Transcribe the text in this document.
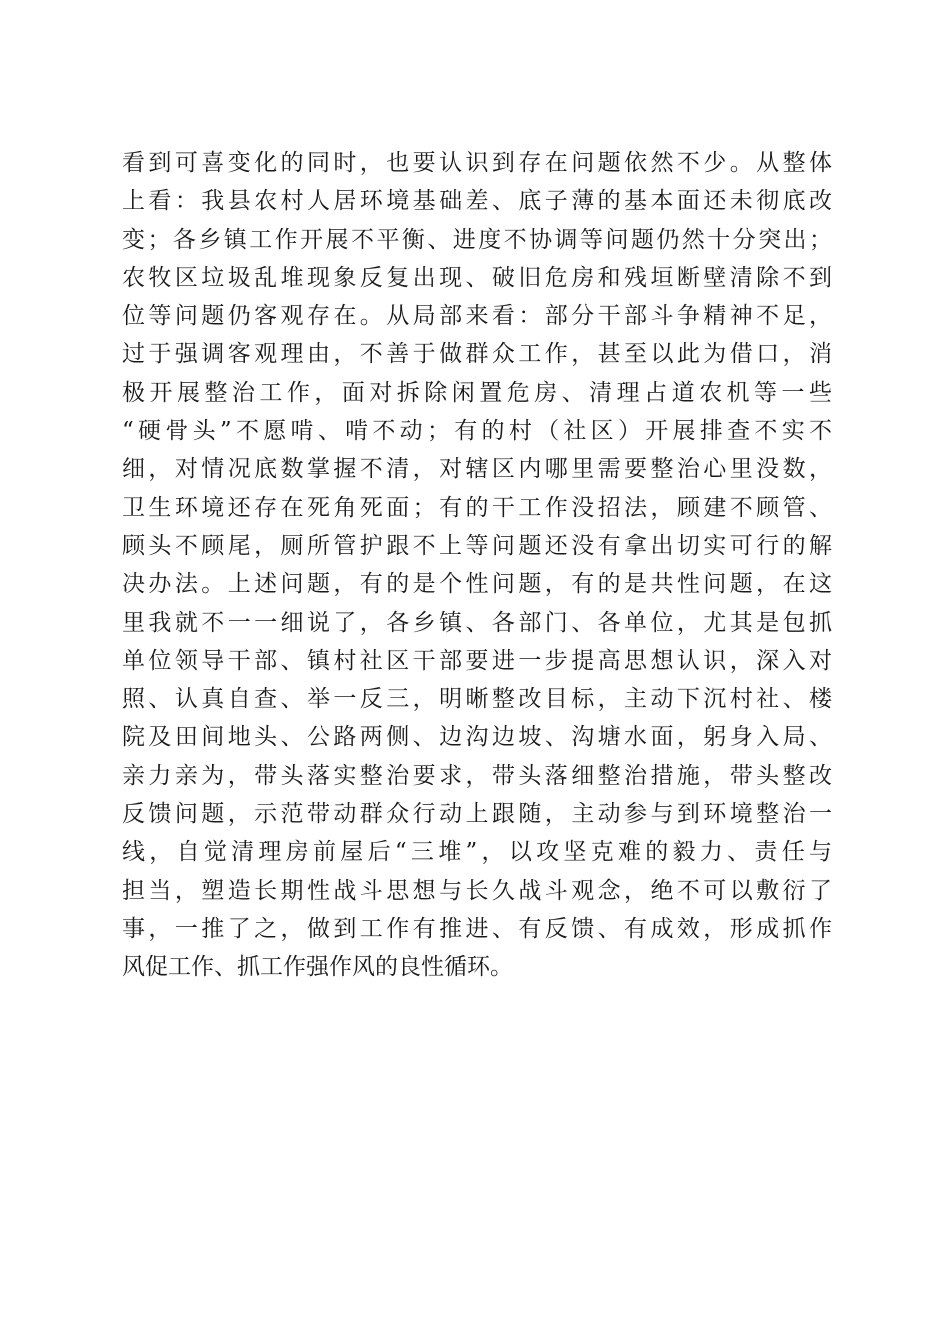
看到可喜变化的同时，也要认识到存在问题依然不少。从整体
上看：我县农村人居环境基础差、底子薄的基本面还未彻底改
变；各乡镇工作开展不平衡、进度不协调等问题仍然十分突出；
农牧区垃圾乱堆现象反复出现、破旧危房和残垣断壁清除不到
位等问题仍客观存在。从局部来看：部分干部斗争精神不足，
过于强调客观理由，不善于做群众工作，甚至以此为借口，消
极开展整治工作，面对拆除闲置危房、清理占道农机等一些
“硬骨头”不愿啃、啃不动；有的村（社区）开展排查不实不
细，对情况底数掌握不清，对辖区内哪里需要整治心里没数，
卫生环境还存在死角死面；有的干工作没招法，顾建不顾管、
顾头不顾尾，厕所管护跟不上等问题还没有拿出切实可行的解
决办法。上述问题，有的是个性问题，有的是共性问题，在这
里我就不一一细说了，各乡镇、各部门、各单位，尤其是包抓
单位领导干部、镇村社区干部要进一步提高思想认识，深入对
照、认真自查、举一反三，明晰整改目标，主动下沉村社、楼
院及田间地头、公路两侧、边沟边坡、沟塘水面，躬身入局、
亲力亲为，带头落实整治要求，带头落细整治措施，带头整改
反馈问题，示范带动群众行动上跟随，主动参与到环境整治一
线，自觉清理房前屋后“三堆”，以攻坚克难的毅力、责任与
担当，塑造长期性战斗思想与长久战斗观念，绝不可以敷衍了
事，一推了之，做到工作有推进、有反馈、有成效，形成抓作
风促工作、抓工作强作风的良性循环。
